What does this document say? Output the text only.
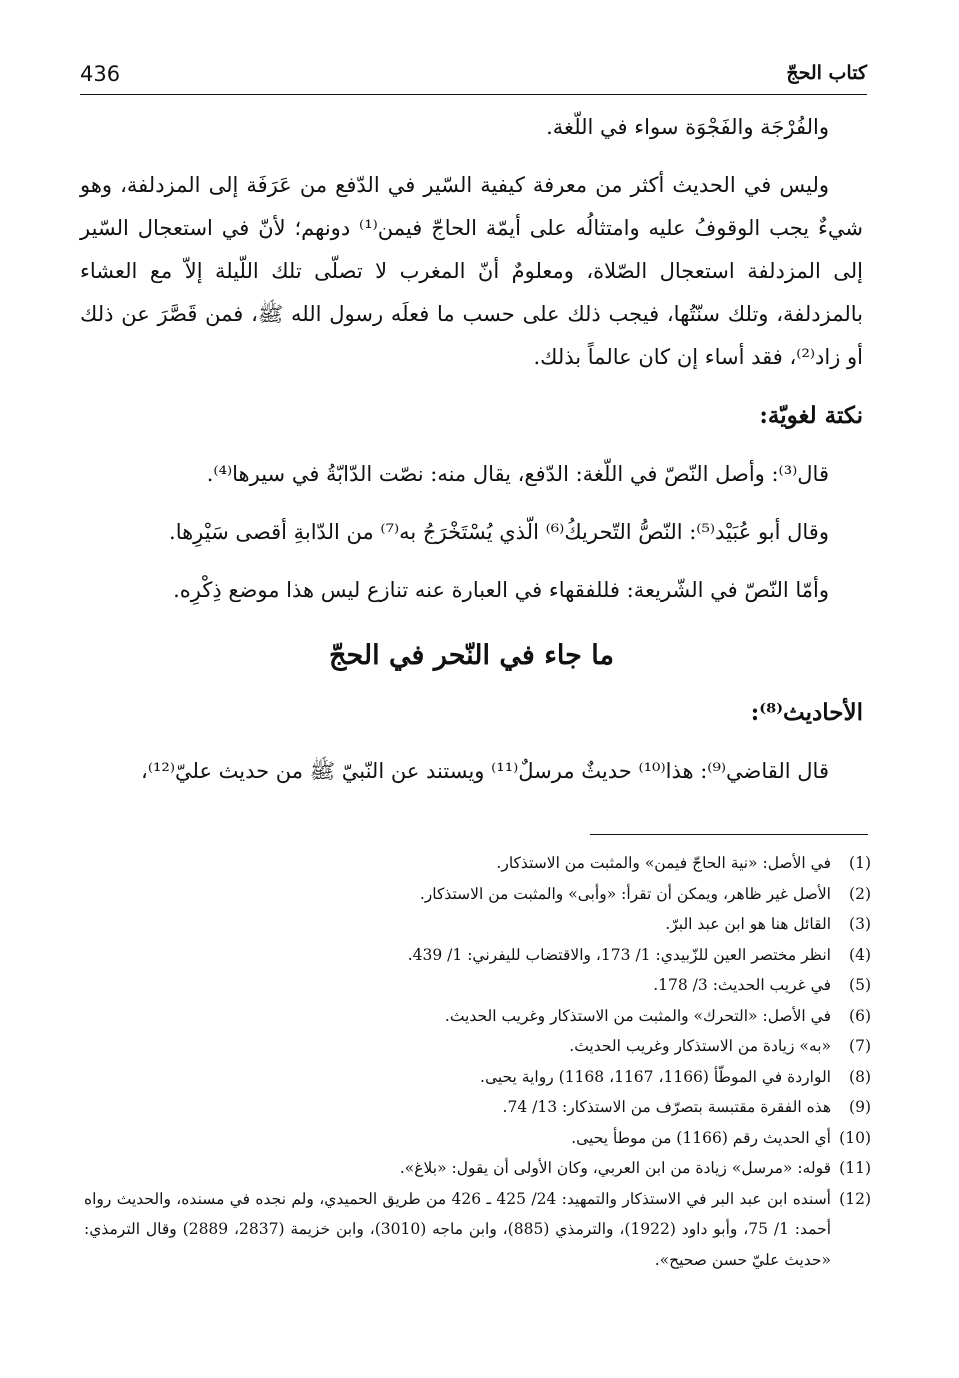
436	كتاب الحجّ

والفُرْجَة والفَجْوَة سواء في اللّغة.

وليس في الحديث أكثر من معرفة كيفية السّير في الدّفع من عَرَفَة إلى المزدلفة، وهو شيءٌ يجب الوقوفُ عليه وامتثالُه على أيمّة الحاجّ فيمن⁽¹⁾ دونهم؛ لأنّ في استعجال السّير إلى المزدلفة استعجال الصّلاة، ومعلومٌ أنّ المغرب لا تصلّى تلك اللّيلة إلاّ مع العشاء بالمزدلفة، وتلك سنّتُها، فيجب ذلك على حسب ما فعلَه رسول الله ﷺ، فمن قَصَّرَ عن ذلك أو زاد⁽²⁾، فقد أساء إن كان عالماً بذلك.

نكتة لغويّة:

قال⁽³⁾: وأصل النّصّ في اللّغة: الدّفع، يقال منه: نصّت الدّابّةُ في سيرها⁽⁴⁾.

وقال أبو عُبَيْد⁽⁵⁾: النّصُّ التّحريكُ⁽⁶⁾ الّذي يُسْتَخْرَجُ به⁽⁷⁾ من الدّابةِ أقصى سَيْرِها.

وأمّا النّصّ في الشّريعة: فللفقهاء في العبارة عنه تنازع ليس هذا موضع ذِكْرِه.

ما جاء في النّحر في الحجّ
الأحاديث⁽⁸⁾:

قال القاضي⁽⁹⁾: هذا⁽¹⁰⁾ حديثٌ مرسلٌ⁽¹¹⁾ ويستند عن النّبيّ ﷺ من حديث عليّ⁽¹²⁾،

(1)
في الأصل: «نية الحاجّ فيمن» والمثبت من الاستذكار.
(2)
الأصل غير ظاهر، ويمكن أن تقرأ: «وأبى» والمثبت من الاستذكار.
(3)
القائل هنا هو ابن عبد البرّ.
(4)
انظر مختصر العين للزّبيدي: 1/ 173، والاقتضاب لليفرني: 1/ 439.
(5)
في غريب الحديث: 3/ 178.
(6)
في الأصل: «التحرك» والمثبت من الاستذكار وغريب الحديث.
(7)
«به» زيادة من الاستذكار وغريب الحديث.
(8)
الواردة في الموطّأ (1166، 1167، 1168) رواية يحيى.
(9)
هذه الفقرة مقتبسة بتصرّف من الاستذكار: 13/ 74.
(10)
أي الحديث رقم (1166) من موطأ يحيى.
(11)
قوله: «مرسل» زيادة من ابن العربي، وكان الأولى أن يقول: «بلاغ».
(12)
أسنده ابن عبد البر في الاستذكار والتمهيد: 24/ 425 ـ 426 من طريق الحميدي، ولم نجده في مسنده، والحديث رواه أحمد: 1/ 75، وأبو داود (1922)، والترمذي (885)، وابن ماجه (3010)، وابن خزيمة (2837، 2889) وقال الترمذي: «حديث عليّ حسن صحيح».
